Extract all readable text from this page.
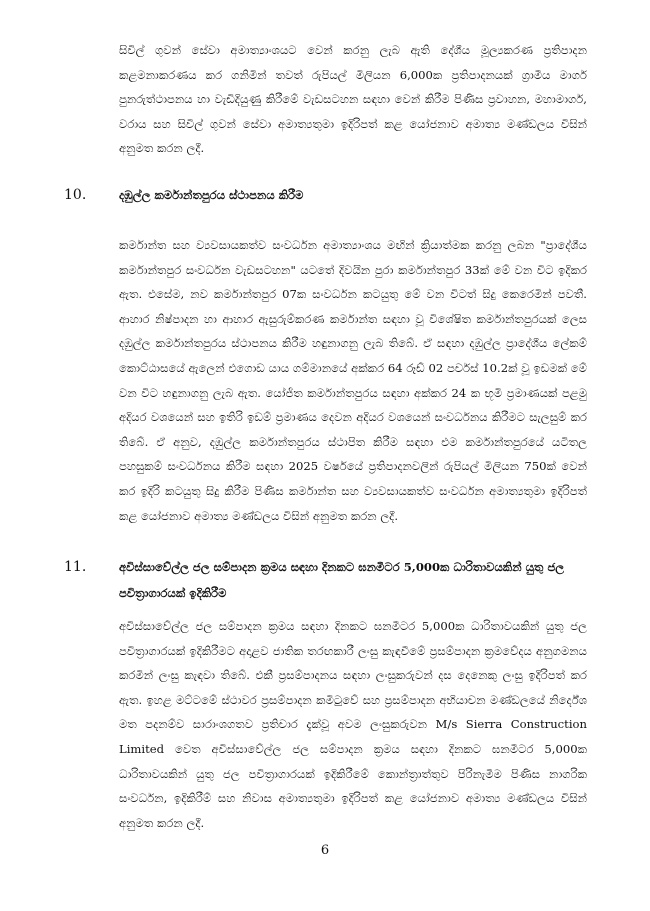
සිවිල් ගුවන් සේවා අමාත්‍යාංශයට වෙන් කරනු ලැබ ඇති දේශීය මූල්‍යකරණ ප්‍රතිපාදන කළමනාකරණය කර ගනිමින් තවත් රුපියල් මිලියන 6,000ක ප්‍රතිපාදනයක් ග්‍රාමීය මාර්ග පුනරුත්ථාපනය හා වැඩිදියුණු කිරීමේ වැඩසටහන සඳහා වෙන් කිරීම පිණිස ප්‍රවාහන, මහාමාර්ග, වරාය සහ සිවිල් ගුවන් සේවා අමාත්‍යතුමා ඉදිරිපත් කළ යෝජනාව අමාත්‍ය මණ්ඩලය විසින් අනුමත කරන ලදී.

10.	දඹුල්ල කර්මාන්තපුරය ස්ථාපනය කිරීම

කර්මාන්ත සහ ව්‍යවසායකත්ව සංවර්ධන අමාත්‍යාංශය මඟින් ක්‍රියාත්මක කරනු ලබන "ප්‍රාදේශීය කර්මාන්තපුර සංවර්ධන වැඩසටහන" යටතේ දිවයින පුරා කර්මාන්තපුර 33ක් මේ වන විට ඉදිකර ඇත. එසේම, නව කර්මාන්තපුර 07ක සංවර්ධන කටයුතු මේ වන විටත් සිදු කෙරෙමින් පවතී. ආහාර නිෂ්පාදන හා ආහාර ඇසුරුම්කරණ කර්මාන්ත සඳහා වූ විශේෂිත කර්මාන්තපුරයක් ලෙස දඹුල්ල කර්මාන්තපුරය ස්ථාපනය කිරීම හඳුනාගනු ලැබ තිබේ. ඒ සඳහා දඹුල්ල ප්‍රාදේශීය ලේකම් කොට්ඨාසයේ ඇලෙන් එගොඩ යාය ගම්මානයේ අක්කර 64 රූඩ් 02 පර්චස් 10.2ක් වූ ඉඩමක් මේ වන විට හඳුනාගනු ලැබ ඇත. යෝජිත කර්මාන්තපුරය සඳහා අක්කර 24 ක භූමි ප්‍රමාණයක් පළමු අදියර වශයෙන් සහ ඉතිරි ඉඩම් ප්‍රමාණය දෙවන අදියර වශයෙන් සංවර්ධනය කිරීමට සැලසුම් කර තිබේ. ඒ අනුව, දඹුල්ල කර්මාන්තපුරය ස්ථාපිත කිරීම සඳහා එම කර්මාන්තපුරයේ යටිතල පහසුකම් සංවර්ධනය කිරීම සඳහා 2025 වර්ෂයේ ප්‍රතිපාදනවලින් රුපියල් මිලියන 750ක් වෙන් කර ඉදිරි කටයුතු සිදු කිරීම පිණිස කර්මාන්ත සහ ව්‍යවසායකත්ව සංවර්ධන අමාත්‍යතුමා ඉදිරිපත් කළ යෝජනාව අමාත්‍ය මණ්ඩලය විසින් අනුමත කරන ලදී.

11.	අවිස්සාවේල්ල ජල සම්පාදන ක්‍රමය සඳහා දිනකට ඝනමීටර 5,000ක ධාරිතාවයකින් යුතු ජල පවිත්‍රාගාරයක් ඉදිකිරීම

අවිස්සාවේල්ල ජල සම්පාදන ක්‍රමය සඳහා දිනකට ඝනමීටර 5,000ක ධාරිතාවයකින් යුතු ජල පවිත්‍රාගාරයක් ඉදිකිරීමට අදාළව ජාතික තරඟකාරී ලංසු කැඳවීමේ ප්‍රසම්පාදන ක්‍රමවේදය අනුගමනය කරමින් ලංසු කැඳවා තිබේ. එකී ප්‍රසම්පාදනය සඳහා ලංසුකරුවන් දස දෙනෙකු ලංසු ඉදිරිපත් කර ඇත. ඉහළ මට්ටමේ ස්ථාවර ප්‍රසම්පාදන කමිටුවේ සහ ප්‍රසම්පාදන අභියාචන මණ්ඩලයේ නිර්දේශ මත පදනම්ව සාරාංශගතව ප්‍රතිචාර දැක්වූ අවම ලංසුකරුවන M/s Sierra Construction Limited වෙත අවිස්සාවේල්ල ජල සම්පාදන ක්‍රමය සඳහා දිනකට ඝනමීටර 5,000ක ධාරිතාවයකින් යුතු ජල පවිත්‍රාගාරයක් ඉදිකිරීමේ කොන්ත්‍රාත්තුව පිරිනැමීම පිණිස නාගරික සංවර්ධන, ඉදිකිරීම් සහ නිවාස අමාත්‍යතුමා ඉදිරිපත් කළ යෝජනාව අමාත්‍ය මණ්ඩලය විසින් අනුමත කරන ලදී.

6
